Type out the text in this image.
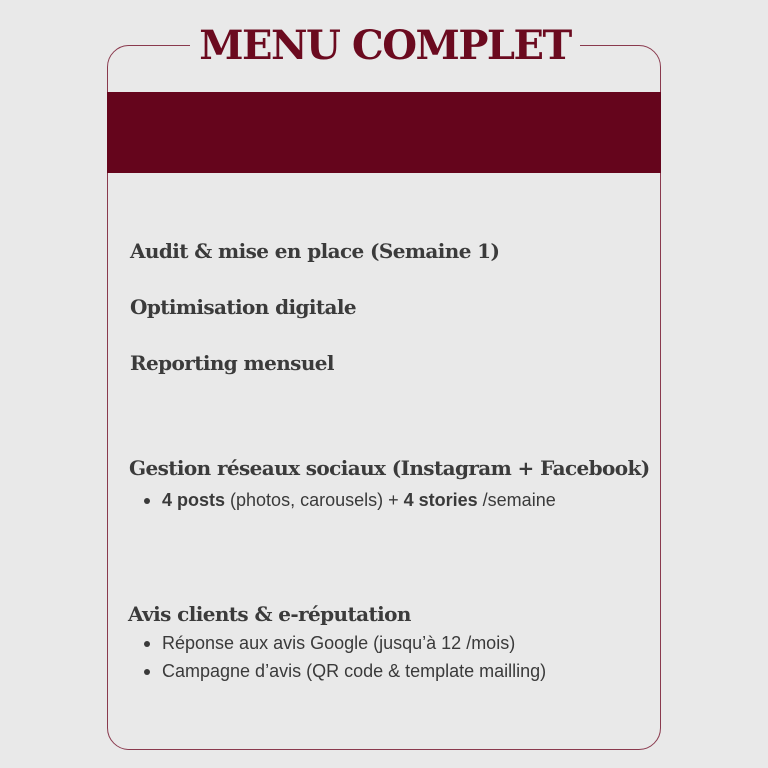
MENU COMPLET
Audit & mise en place (Semaine 1)
Optimisation digitale
Reporting mensuel
Gestion réseaux sociaux (Instagram + Facebook)
4 posts (photos, carousels) + 4 stories /semaine
Avis clients & e-réputation
Réponse aux avis Google (jusqu’à 12 /mois)
Campagne d’avis (QR code & template mailling)
